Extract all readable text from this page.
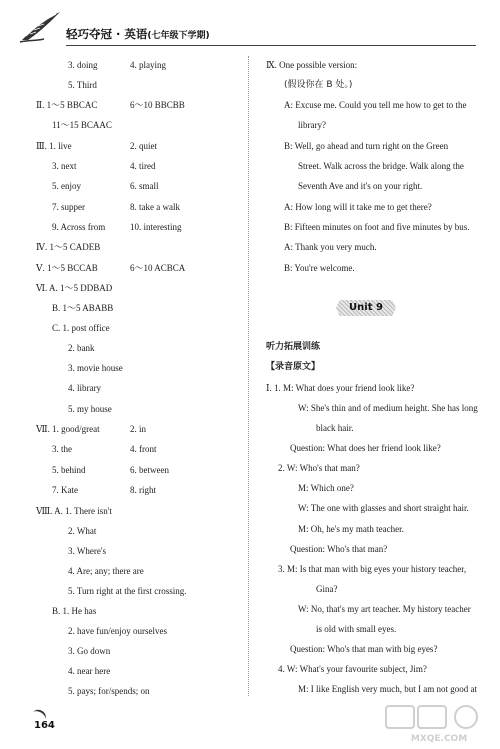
轻巧夺冠 · 英语(七年级下学期)
3. doing	4. playing
5. Third
Ⅱ. 1～5 BBCAC	6～10 BBCBB
11～15 BCAAC
Ⅲ. 1. live	2. quiet
3. next	4. tired
5. enjoy	6. small
7. supper	8. take a walk
9. Across from	10. interesting
Ⅳ. 1～5 CADEB
Ⅴ. 1～5 BCCAB	6～10 ACBCA
Ⅵ. A. 1～5 DDBAD
B. 1～5 ABABB
C. 1. post office
2. bank
3. movie house
4. library
5. my house
Ⅶ. 1. good/great	2. in
3. the	4. front
5. behind	6. between
7. Kate	8. right
Ⅷ. A. 1. There isn't
2. What
3. Where's
4. Are; any; there are
5. Turn right at the first crossing.
B. 1. He has
2. have fun/enjoy ourselves
3. Go down
4. near here
5. pays; for/spends; on
Ⅸ. One possible version:
(假设你在 B 处。)
A: Excuse me. Could you tell me how to get to the
library?
B: Well, go ahead and turn right on the Green
Street. Walk across the bridge. Walk along the
Seventh Ave and it's on your right.
A: How long will it take me to get there?
B: Fifteen minutes on foot and five minutes by bus.
A: Thank you very much.
B: You're welcome.
听力拓展训练
【录音原文】
Ⅰ. 1. M: What does your friend look like?
W: She's thin and of medium height. She has long
black hair.
Question: What does her friend look like?
2. W: Who's that man?
M: Which one?
W: The one with glasses and short straight hair.
M: Oh, he's my math teacher.
Question: Who's that man?
3. M: Is that man with big eyes your history teacher,
Gina?
W: No, that's my art teacher. My history teacher
is old with small eyes.
Question: Who's that man with big eyes?
4. W: What's your favourite subject, Jim?
M: I like English very much, but I am not good at
Unit 9
164
MXQE.COM
